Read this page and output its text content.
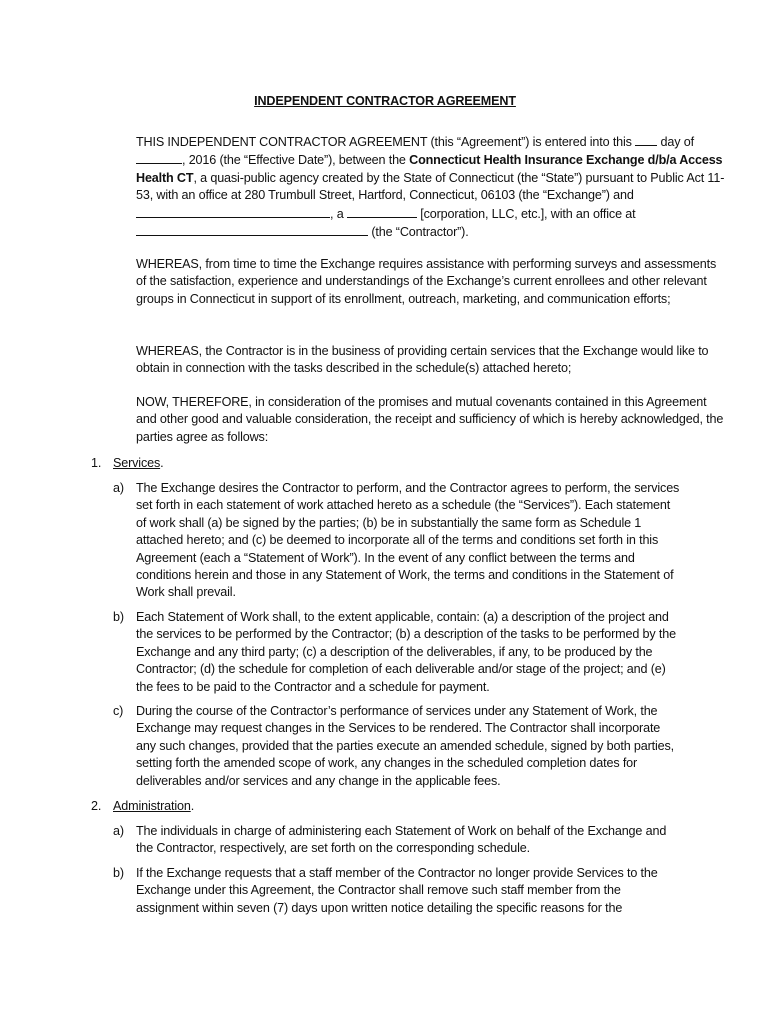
INDEPENDENT CONTRACTOR AGREEMENT
THIS INDEPENDENT CONTRACTOR AGREEMENT (this “Agreement”) is entered into this  day of , 2016 (the “Effective Date”), between the Connecticut Health Insurance Exchange d/b/a Access Health CT, a quasi-public agency created by the State of Connecticut (the “State”) pursuant to Public Act 11-53, with an office at 280 Trumbull Street, Hartford, Connecticut, 06103 (the “Exchange”) and , a	[corporation, LLC, etc.], with an office at  (the “Contractor”).
WHEREAS, from time to time the Exchange requires assistance with performing surveys and assessments of the satisfaction, experience and understandings of the Exchange’s current enrollees and other relevant groups in Connecticut in support of its enrollment, outreach, marketing, and communication efforts;
WHEREAS, the Contractor is in the business of providing certain services that the Exchange would like to obtain in connection with the tasks described in the schedule(s) attached hereto;
NOW, THEREFORE, in consideration of the promises and mutual covenants contained in this Agreement and other good and valuable consideration, the receipt and sufficiency of which is hereby acknowledged, the parties agree as follows:
1. Services.
a) The Exchange desires the Contractor to perform, and the Contractor agrees to perform, the services set forth in each statement of work attached hereto as a schedule (the “Services”). Each statement of work shall (a) be signed by the parties; (b) be in substantially the same form as Schedule 1 attached hereto; and (c) be deemed to incorporate all of the terms and conditions set forth in this Agreement (each a “Statement of Work”). In the event of any conflict between the terms and conditions herein and those in any Statement of Work, the terms and conditions in the Statement of Work shall prevail.
b) Each Statement of Work shall, to the extent applicable, contain: (a) a description of the project and the services to be performed by the Contractor; (b) a description of the tasks to be performed by the Exchange and any third party; (c) a description of the deliverables, if any, to be produced by the Contractor; (d) the schedule for completion of each deliverable and/or stage of the project; and (e) the fees to be paid to the Contractor and a schedule for payment.
c)	During the course of the Contractor’s performance of services under any Statement of Work, the Exchange may request changes in the Services to be rendered. The Contractor shall incorporate any such changes, provided that the parties execute an amended schedule, signed by both parties, setting forth the amended scope of work, any changes in the scheduled completion dates for deliverables and/or services and any change in the applicable fees.
2. Administration.
a) The individuals in charge of administering each Statement of Work on behalf of the Exchange and the Contractor, respectively, are set forth on the corresponding schedule.
b) If the Exchange requests that a staff member of the Contractor no longer provide Services to the Exchange under this Agreement, the Contractor shall remove such staff member from the assignment within seven (7) days upon written notice detailing the specific reasons for the
